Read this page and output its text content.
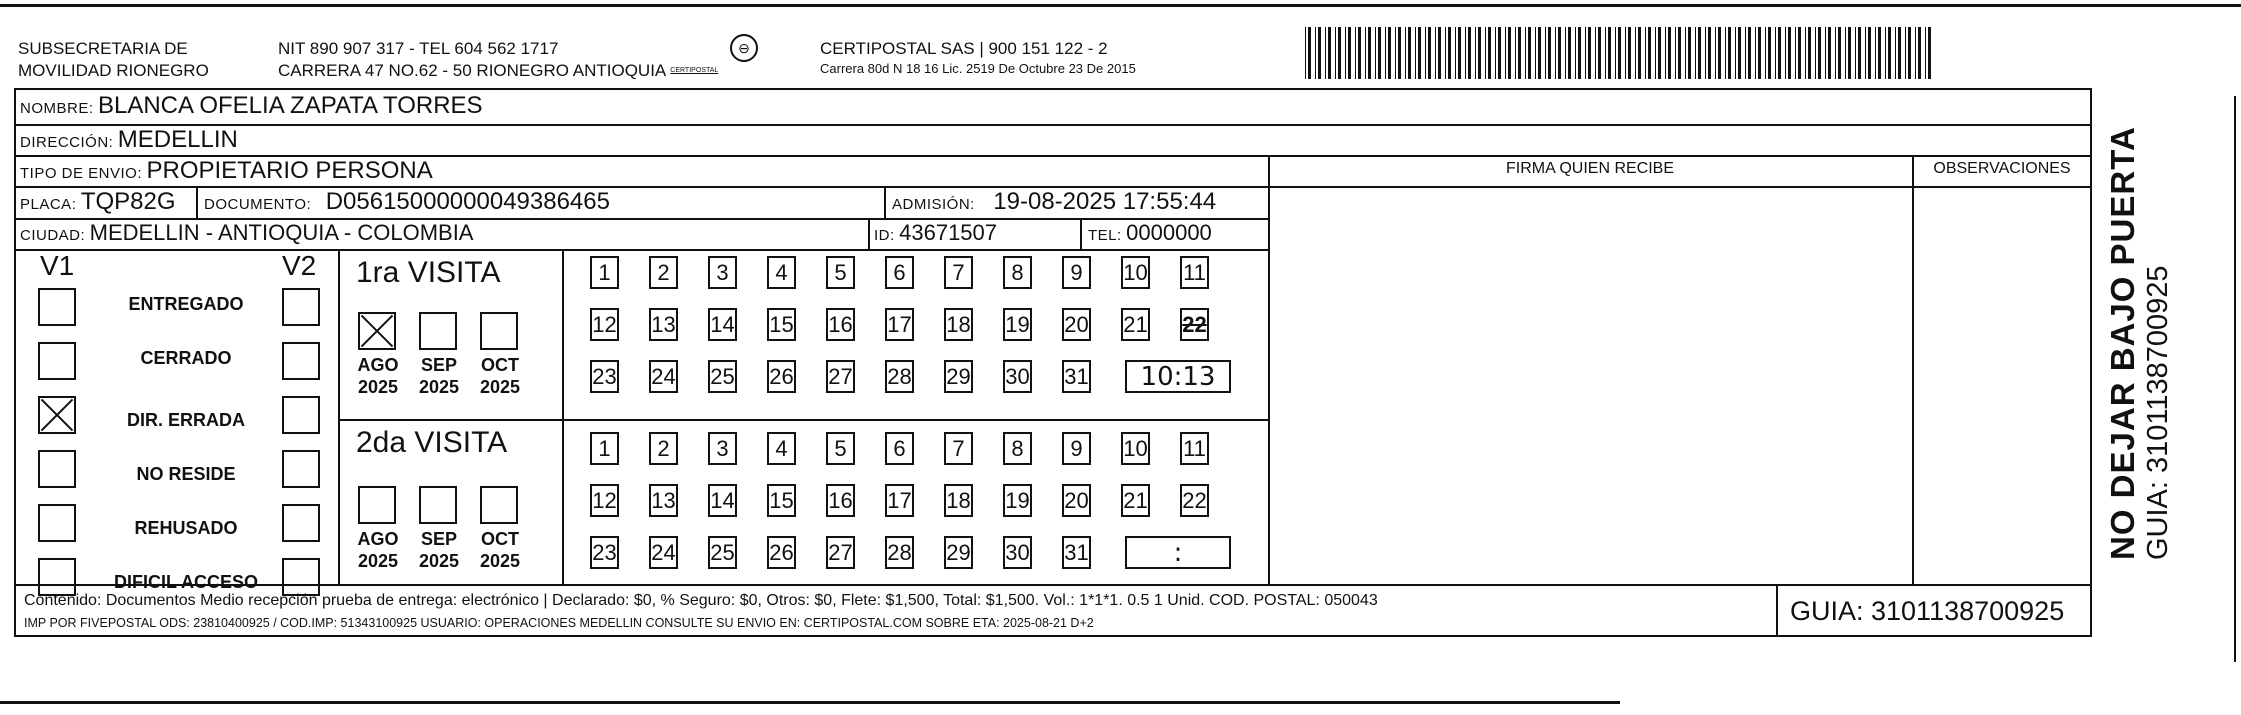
SUBSECRETARIA DE
MOVILIDAD RIONEGRO
NIT 890 907 317 - TEL 604 562 1717
CARRERA 47 NO.62 - 50 RIONEGRO ANTIOQUIA CERTIPOSTAL
⊖	CERTIPOSTAL SAS | 900 151 122 - 2
Carrera 80d N 18 16 Lic. 2519 De Octubre 23 De 2015
NOMBRE: BLANCA OFELIA ZAPATA TORRES
DIRECCIÓN: MEDELLIN
TIPO DE ENVIO: PROPIETARIO PERSONA	FIRMA QUIEN RECIBE	OBSERVACIONES
PLACA: TQP82G DOCUMENTO: D05615000000049386465	ADMISIÓN: 19-08-2025 17:55:44
CIUDAD: MEDELLIN - ANTIOQUIA - COLOMBIA	ID: 43671507	TEL: 0000000
V1	V2 1ra VISITA
2da VISITA
Contenido: Documentos Medio recepción prueba de entrega: electrónico | Declarado: $0, % Seguro: $0, Otros: $0, Flete: $1,500, Total: $1,500. Vol.: 1*1*1. 0.5 1 Unid. COD. POSTAL: 050043
IMP POR FIVEPOSTAL ODS: 23810400925 / COD.IMP: 51343100925 USUARIO: OPERACIONES MEDELLIN CONSULTE SU ENVIO EN: CERTIPOSTAL.COM SOBRE ETA: 2025-08-21 D+2	GUIA: 3101138700925
NO DEJAR BAJO PUERTA GUIA: 3101138700925
ENTREGADO
CERRADO
DIR. ERRADA
NO RESIDE
REHUSADO
DIFICIL ACCESO
AGO
2025
SEP
2025
OCT
2025
AGO
2025
SEP
2025
OCT
2025
1	2	3	4	5	6	7	8	9	10 11
12 13 14 15 16 17 18 19 20 21 22
23 24 25 26 27 28 29 30 31	10:13
1	2	3	4	5	6	7	8	9	10 11
12 13 14 15 16 17 18 19 20 21 22
23 24 25 26 27 28 29 30 31	:
